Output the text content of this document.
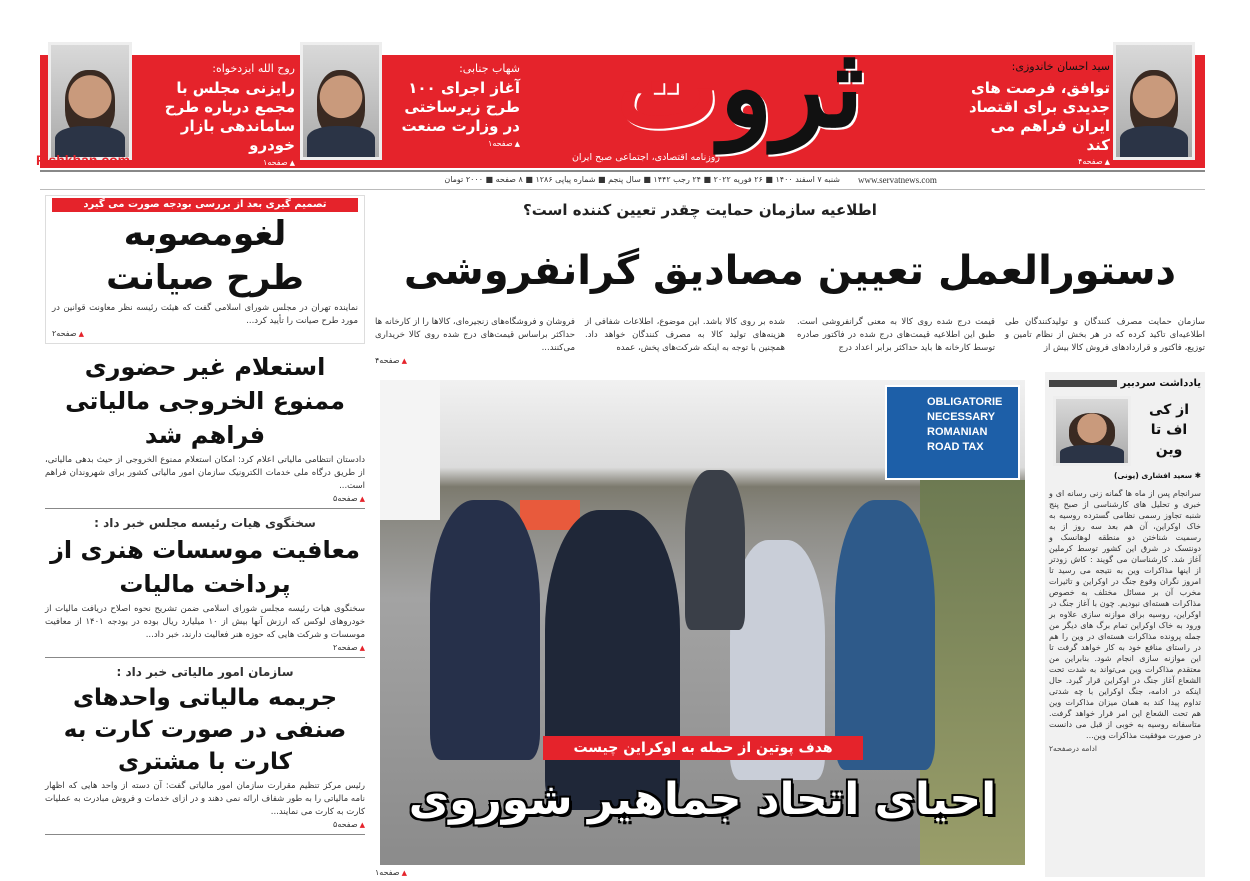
Fishkhan.com
روح الله ایزدخواه:
رایزنی مجلس با مجمع درباره طرح ساماندهی بازار خودرو
▲ صفحه۱
شهاب جنابی:
آغاز اجرای ۱۰۰ طرح زیرساختی در وزارت صنعت
▲ صفحه۱	ثروت
روزنامه اقتصادی، اجتماعی صبح ایران
سید احسان خاندوزی:
توافق، فرصت های جدیدی برای اقتصاد ایران فراهم می کند
▲ صفحه۴
شنبه ۷ اسفند ۱۴۰۰ ■ ۲۶ فوریه ۲۰۲۲ ■ ۲۴ رجب ۱۴۴۲ ■ سال پنجم ■ شماره پیاپی ۱۲۸۶ ■ ۸ صفحه ■ ۲۰۰۰ تومان www.servatnews.com
اطلاعیه سازمان حمایت چقدر تعیین کننده است؟
دستورالعمل تعیین مصادیق گرانفروشی
سازمان حمایت مصرف کنندگان و تولیدکنندگان طی اطلاعیه‌ای تاکید کرده که در هر بخش از نظام تامین و توزیع، فاکتور و قراردادهای فروش کالا بیش از
قیمت درج شده روی کالا به معنی گرانفروشی است. طبق این اطلاعیه قیمت‌های درج شده در فاکتور صادره توسط کارخانه ها باید حداکثر برابر اعداد درج
شده بر روی کالا باشد. این موضوع، اطلاعات شفافی از هزینه‌های تولید کالا به مصرف کنندگان خواهد داد. همچنین با توجه به اینکه شرکت‌های پخش، عمده
فروشان و فروشگاه‌های زنجیره‌ای، کالاها را از کارخانه ها حداکثر براساس قیمت‌های درج شده روی کالا خریداری می‌کنند...
▲ صفحه۴
OBLIGATORIE NECESSARY ROMANIAN ROAD TAX
هدف پوتین از حمله به اوکراین چیست
احیای اتحاد جماهیر شوروی
▲ صفحه۱
یادداشت سردبیر
از کی اف تا وین
✱ سعید افشاری (یونی)
سرانجام پس از ماه ها گمانه زنی رسانه ای و خبری و تحلیل های کارشناسی از صبح پنج شنبه تجاوز رسمی نظامی گسترده روسیه به خاک اوکراین، آن هم بعد سه روز از به رسمیت شناختن دو منطقه لوهانسک و دونتسک در شرق این کشور توسط کرملین آغاز شد. کارشناسان می گویند : کاش زودتر از اینها مذاکرات وین به نتیجه می رسید تا امروز نگران وقوع جنگ در اوکراین و تاثیرات مخرب آن بر مسائل مختلف به خصوص مذاکرات هسته‌ای نبودیم. چون با آغاز جنگ در اوکراین، روسیه برای موازنه سازی علاوه بر ورود به خاک اوکراین تمام برگ های دیگر من جمله پرونده مذاکرات هسته‌ای در وین را هم در راستای منافع خود به کار خواهد گرفت تا این موازنه سازی انجام شود. بنابراین من معتقدم مذاکرات وین می‌تواند به شدت تحت الشعاع آغاز جنگ در اوکراین قرار گیرد. حال اینکه در ادامه، جنگ اوکراین با چه شدتی تداوم پیدا کند به همان میزان مذاکرات وین هم تحت الشعاع این امر قرار خواهد گرفت. متاسفانه روسیه به خوبی از قبل می دانست در صورت موفقیت مذاکرات وین...
ادامه درصفحه۲
تصمیم گیری بعد از بررسی بودجه صورت می گیرد
لغومصوبه طرح صیانت
نماینده تهران در مجلس شورای اسلامی گفت که هیئت رئیسه نظر معاونت قوانین در مورد طرح صیانت را تأیید کرد...
▲ صفحه۲
استعلام غیر حضوری ممنوع الخروجی مالیاتی فراهم شد
دادستان انتظامی مالیاتی اعلام کرد: امکان استعلام ممنوع الخروجی از حیث بدهی مالیاتی، از طریق درگاه ملی خدمات الکترونیک سازمان امور مالیاتی کشور برای شهروندان فراهم است...
▲ صفحه۵
سخنگوی هیات رئیسه مجلس خبر داد :
معافیت موسسات هنری از پرداخت مالیات
سخنگوی هیات رئیسه مجلس شورای اسلامی ضمن تشریح نحوه اصلاح دریافت مالیات از خودروهای لوکس که ارزش آنها بیش از ۱۰ میلیارد ریال بوده در بودجه ۱۴۰۱ از معافیت موسسات و شرکت هایی که حوزه هنر فعالیت دارند، خبر داد...
▲ صفحه۲
سازمان امور مالیاتی خبر داد :
جریمه مالیاتی واحدهای صنفی در صورت کارت به کارت با مشتری
رئیس مرکز تنظیم مقرارت سازمان امور مالیاتی گفت: آن دسته از واحد هایی که اظهار نامه مالیاتی را به طور شفاف ارائه نمی دهند و در ازای خدمات و فروش مبادرت به عملیات کارت به کارت می نمایند...
▲ صفحه۵
